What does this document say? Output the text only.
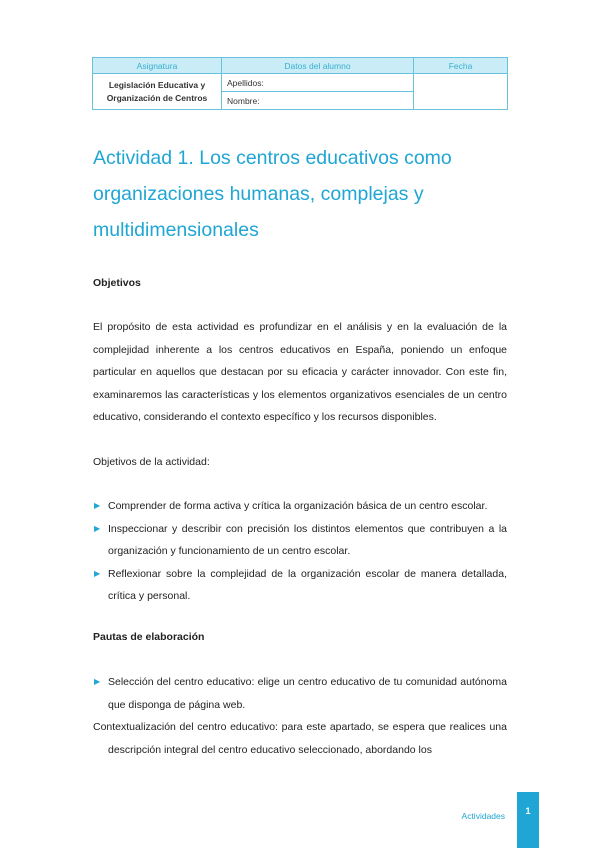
Asignatura	Datos del alumno	Fecha
Legislación Educativa y Organización de Centros	Apellidos:	
	Nombre:	
Actividad 1. Los centros educativos como organizaciones humanas, complejas y multidimensionales

Objetivos

El propósito de esta actividad es profundizar en el análisis y en la evaluación de la complejidad inherente a los centros educativos en España, poniendo un enfoque particular en aquellos que destacan por su eficacia y carácter innovador. Con este fin, examinaremos las características y los elementos organizativos esenciales de un centro educativo, considerando el contexto específico y los recursos disponibles.

Objetivos de la actividad:

▶ Comprender de forma activa y crítica la organización básica de un centro escolar.
▶ Inspeccionar y describir con precisión los distintos elementos que contribuyen a la organización y funcionamiento de un centro escolar.
▶ Reflexionar sobre la complejidad de la organización escolar de manera detallada, crítica y personal.

Pautas de elaboración

▶ Selección del centro educativo: elige un centro educativo de tu comunidad autónoma que disponga de página web.

Contextualización del centro educativo: para este apartado, se espera que realices una descripción integral del centro educativo seleccionado, abordando los

Actividades	1
